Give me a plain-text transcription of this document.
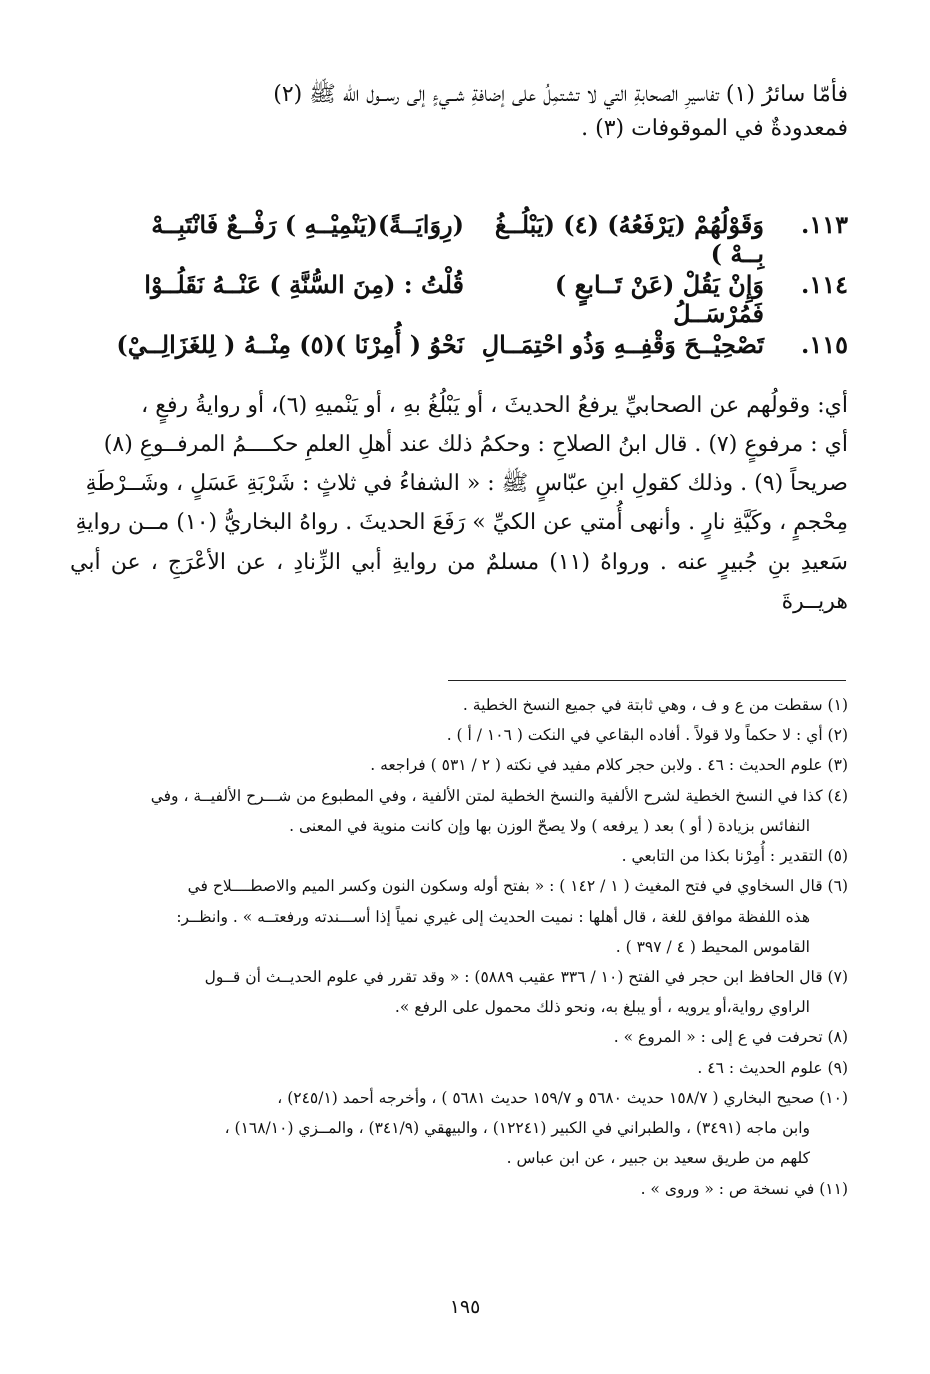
فأمّا سائرُ (١) تفاسيرِ الصحابةِ التي لا تشتمِلُ على إضافةِ شــيءٍ إلى رســول الله ﷺ (٢)
فمعدودةٌ في الموقوفات (٣) .
١١٣.
وَقَوْلُهُمْ (يَرْفَعُهُ) (٤) (يَبْلُــغُ بِــهْ )
(رِوَايَــةً)(يَنْمِيْــهِ ) رَفْــعٌ فَانْتَبِــهْ
١١٤.
وَإِنْ يَقُلْ (عَنْ تَــابعٍ ) فَمُرْسَــلُ
قُلْتُ : (مِنَ السُّنَّةِ ) عَنْــهُ نَقَلُــوْا
١١٥.
تَصْحِيْــحَ وَقْفِــهِ وَذُو احْتِمَــالِ
نَحْوُ ( أُمِرْنَا )(٥) مِنْــهُ ( لِلغَزَالِــيْ)
أي: وقولُهم عن الصحابيِّ يرفعُ الحديثَ ، أو يَبْلُغُ بهِ ، أو يَنْميهِ (٦)، أو روايةُ رفعٍ ،
أي : مرفوعٍ (٧) . قال ابنُ الصلاحِ : وحكمُ ذلك عند أهلِ العلمِ حكــــمُ المرفــوعِ (٨)
صريحاً (٩) . وذلك كقولِ ابنِ عبّاسٍ ﷺ : « الشفاءُ في ثلاثٍ : شَرْبَةِ عَسَلٍ ، وشَــرْطَةِ
مِحْجمٍ ، وكَيَّةِ نارٍ . وأنهى أُمتي عن الكيِّ » رَفَعَ الحديثَ . رواهُ البخاريُّ (١٠) مــن روايةِ
سَعيدِ بنِ جُبيرٍ عنه . ورواهُ (١١) مسلمٌ من روايةِ أبي الزِّنادِ ، عن الأعْرَجِ ، عن أبي هريــرةَ
(١) سقطت من ع و ف ، وهي ثابتة في جميع النسخ الخطية .
(٢) أي : لا حكماً ولا قولاً . أفاده البقاعي في النكت ( ١٠٦ / أ ) .
(٣) علوم الحديث : ٤٦ . ولابن حجر كلام مفيد في نكته ( ٢ / ٥٣١ ) فراجعه .
(٤) كذا في النسخ الخطية لشرح الألفية والنسخ الخطية لمتن الألفية ، وفي المطبوع من شـــرح الألفيــة ، وفي
النفائس بزيادة ( أو ) بعد ( يرفعه ) ولا يصحّ الوزن بها وإن كانت منوية في المعنى .
(٥) التقدير : أُمِرْنا بكذا من التابعي .
(٦) قال السخاوي في فتح المغيث ( ١ / ١٤٢ ) : « بفتح أوله وسكون النون وكسر الميم والاصطــــلاح في
هذه اللفظة موافق للغة ، قال أهلها : نميت الحديث إلى غيري نمياً إذا أســـندته ورفعتــه » . وانظــر:
القاموس المحيط ( ٤ / ٣٩٧ ) .
(٧) قال الحافظ ابن حجر في الفتح (١٠ / ٣٣٦ عقيب ٥٨٨٩) : « وقد تقرر في علوم الحديــث أن قــول
الراوي رواية،أو يرويه ، أو يبلغ به، ونحو ذلك محمول على الرفع ».
(٨) تحرفت في ع إلى : « المروع » .
(٩) علوم الحديث : ٤٦ .
(١٠) صحيح البخاري ( ١٥٨/٧ حديث ٥٦٨٠ و ١٥٩/٧ حديث ٥٦٨١ ) ، وأخرجه أحمد (٢٤٥/١) ،
وابن ماجه (٣٤٩١) ، والطبراني في الكبير (١٢٢٤١) ، والبيهقي (٣٤١/٩) ، والمــزي (١٦٨/١٠) ،
كلهم من طريق سعيد بن جبير ، عن ابن عباس .
(١١) في نسخة ص : « وروى » .
١٩٥
